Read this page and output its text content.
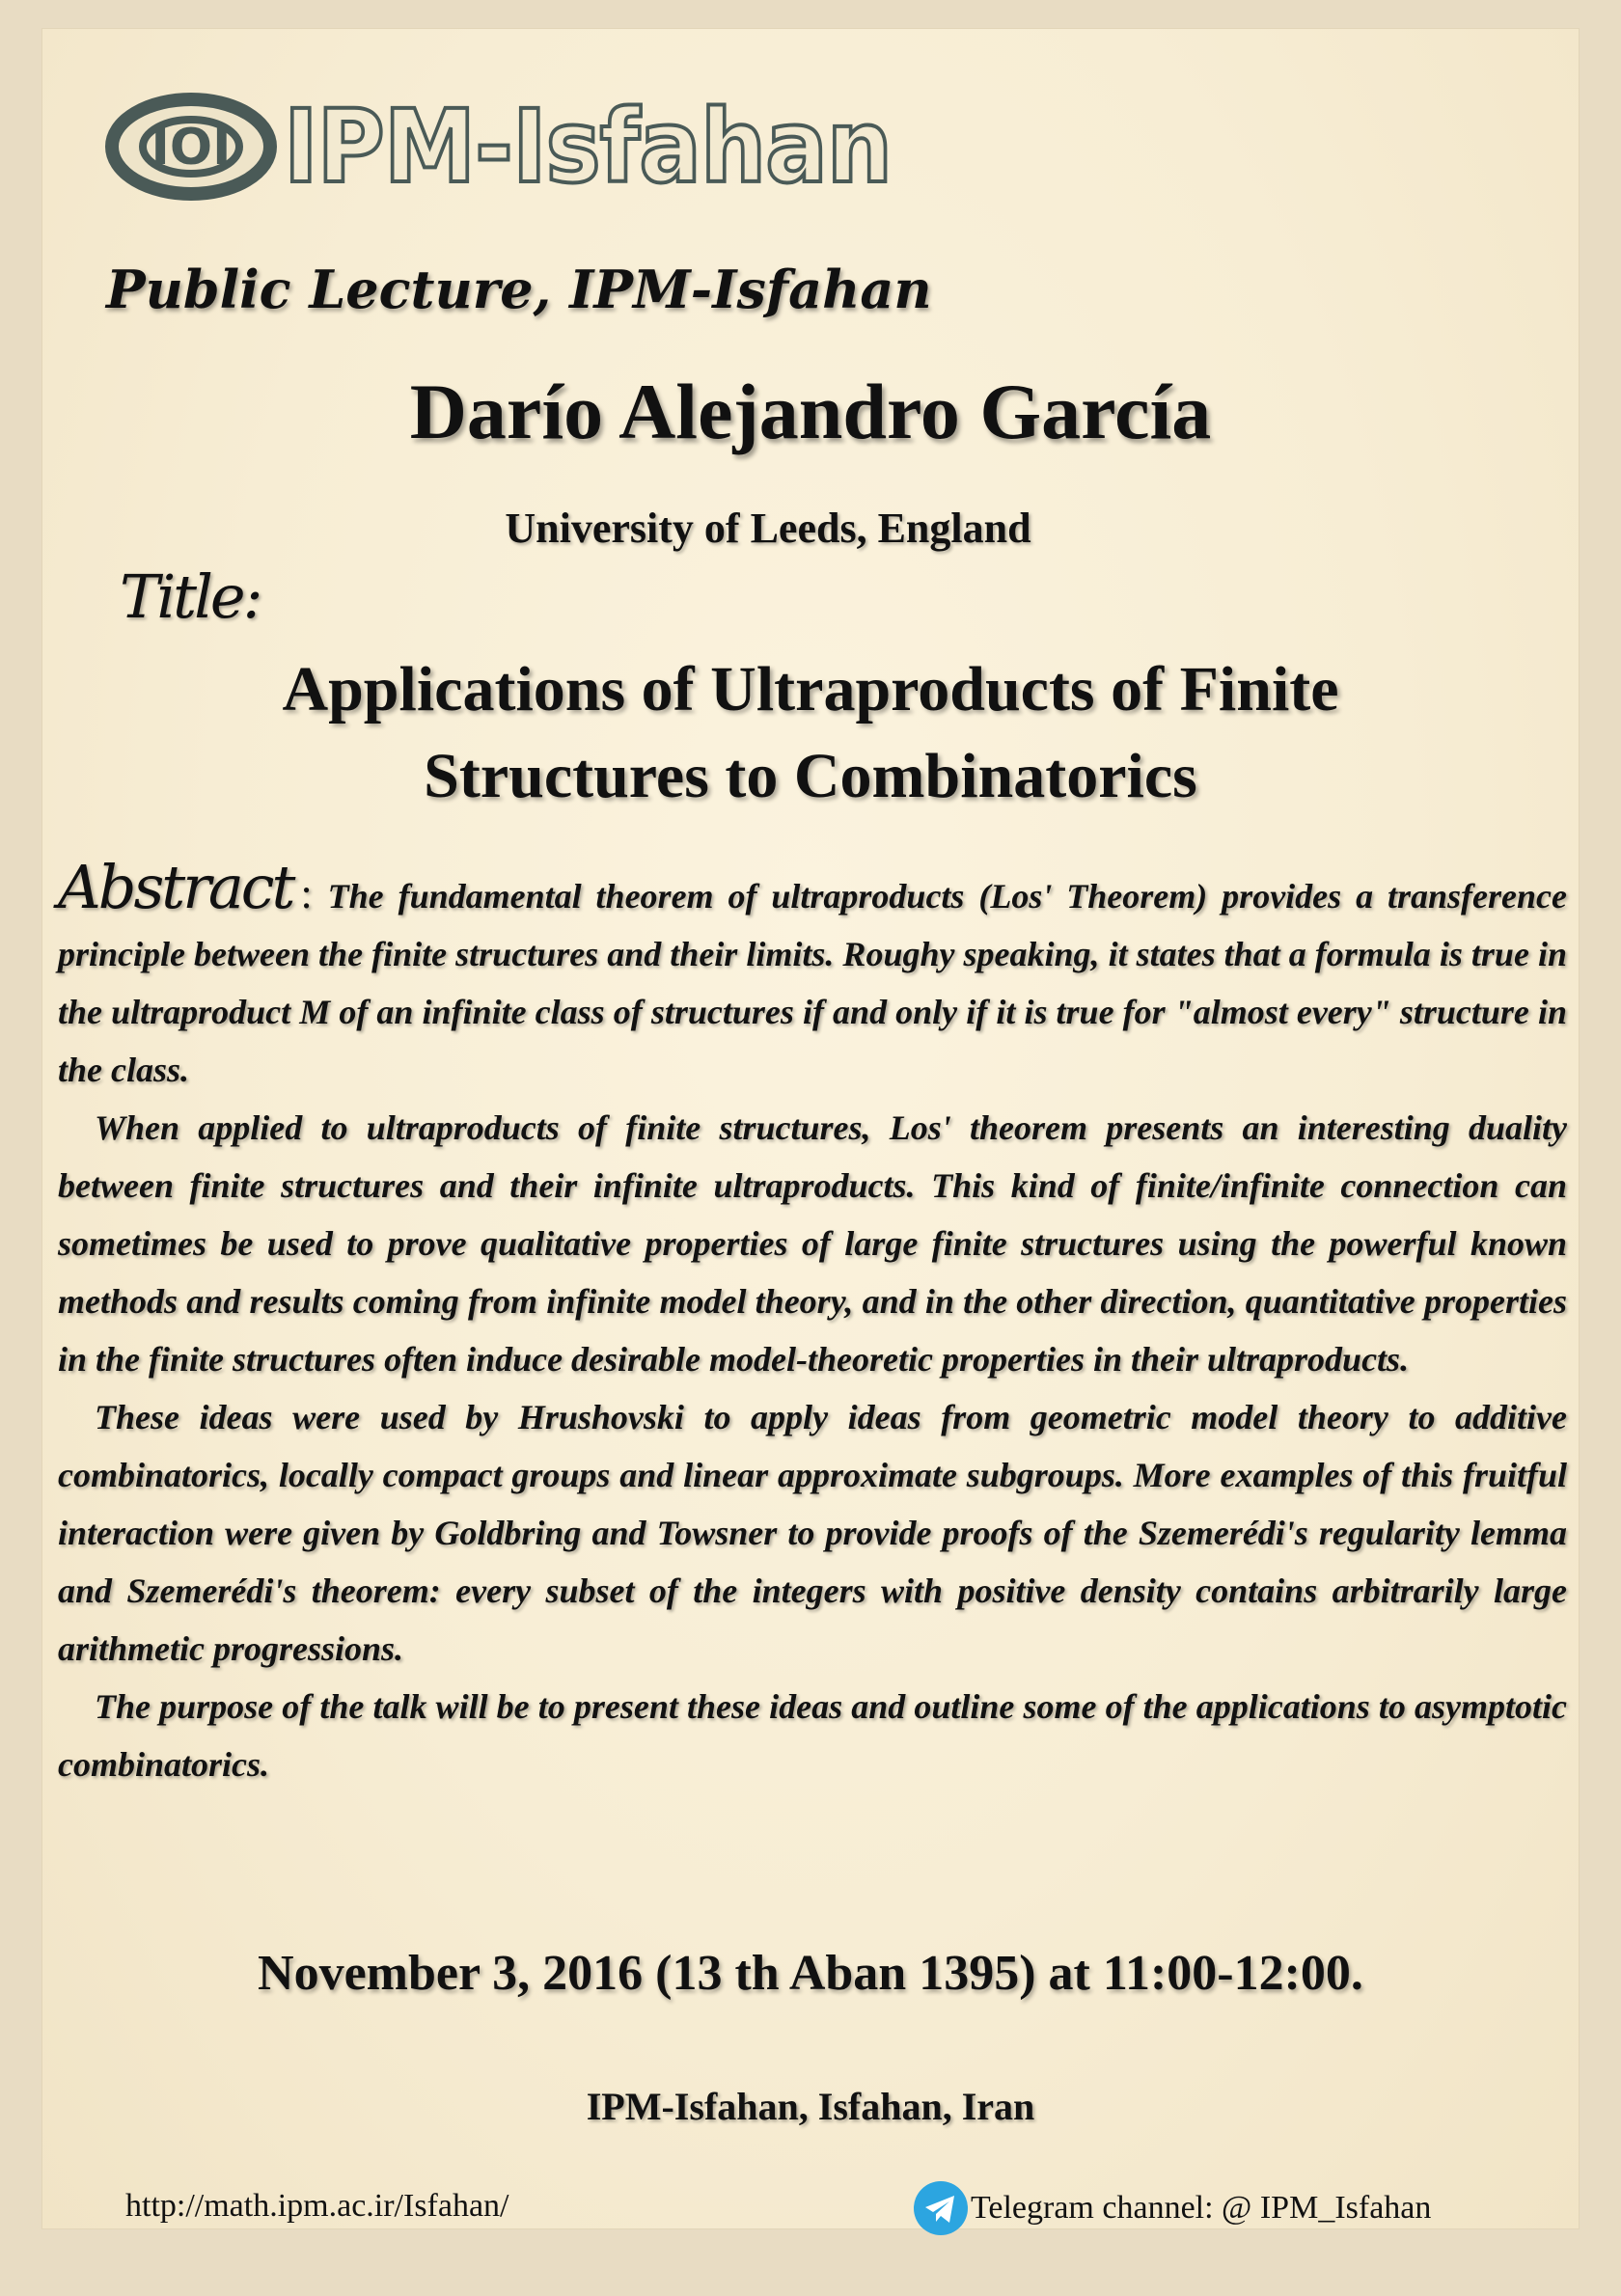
IOI IPM-Isfahan
Public Lecture, IPM-Isfahan
Darío Alejandro García
University of Leeds, England
Title:
Applications of Ultraproducts of Finite
Structures to Combinatorics

Abstract : The fundamental theorem of ultraproducts (Los' Theorem) provides a transference principle between the finite structures and their limits. Roughy speaking, it states that a formula is true in the ultraproduct M of an infinite class of structures if and only if it is true for "almost every" structure in the class.

When applied to ultraproducts of finite structures, Los' theorem presents an interesting duality between finite structures and their infinite ultraproducts. This kind of finite/infinite connection can sometimes be used to prove qualitative properties of large finite structures using the powerful known methods and results coming from infinite model theory, and in the other direction, quantitative properties in the finite structures often induce desirable model-theoretic properties in their ultraproducts.

These ideas were used by Hrushovski to apply ideas from geometric model theory to additive combinatorics, locally compact groups and linear approximate subgroups. More examples of this fruitful interaction were given by Goldbring and Towsner to provide proofs of the Szemerédi's regularity lemma and Szemerédi's theorem: every subset of the integers with positive density contains arbitrarily large arithmetic progressions.

The purpose of the talk will be to present these ideas and outline some of the applications to asymptotic combinatorics.

November 3, 2016 (13 th Aban 1395) at 11:00-12:00.
IPM-Isfahan, Isfahan, Iran
http://math.ipm.ac.ir/Isfahan/	Telegram channel: @ IPM_Isfahan
